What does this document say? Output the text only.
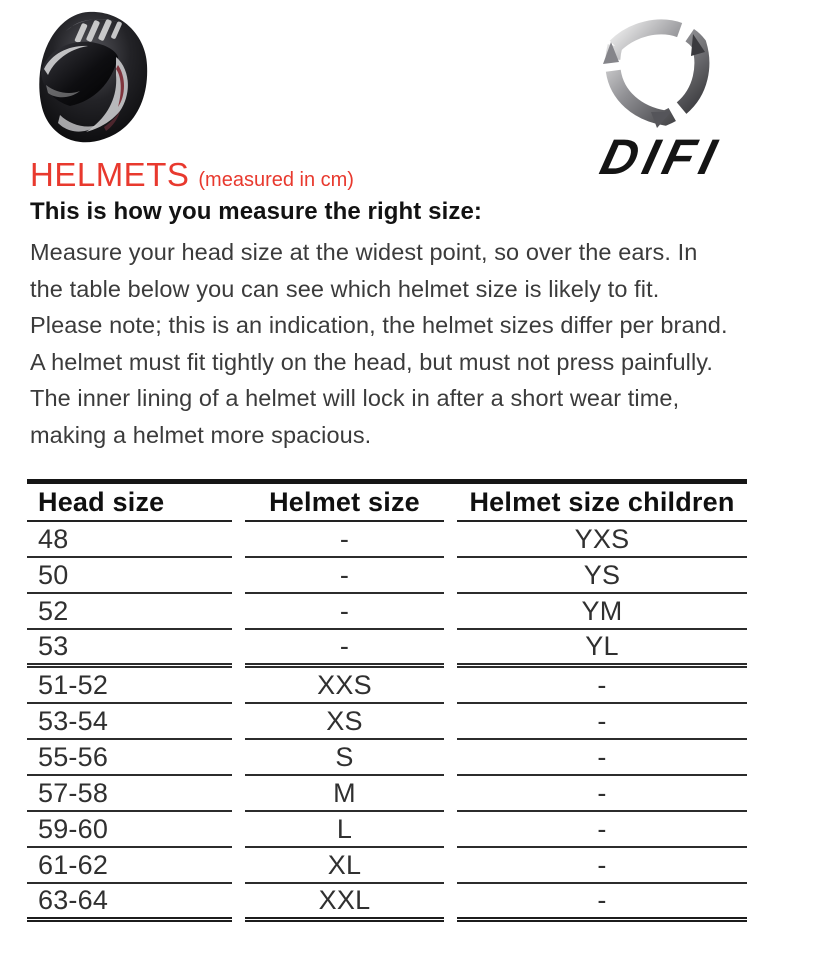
DIFI
HELMETS (measured in cm)
This is how you measure the right size:
Measure your head size at the widest point, so over the ears. In
the table below you can see which helmet size is likely to fit.
Please note; this is an indication, the helmet sizes differ per brand.
A helmet must fit tightly on the head, but must not press painfully.
The inner lining of a helmet will lock in after a short wear time,
making a helmet more spacious.
Head size	Helmet size	Helmet size children
48	-	YXS
50	-	YS
52	-	YM
53	-	YL
51-52	XXS	-
53-54	XS	-
55-56	S	-
57-58	M	-
59-60	L	-
61-62	XL	-
63-64	XXL	-
